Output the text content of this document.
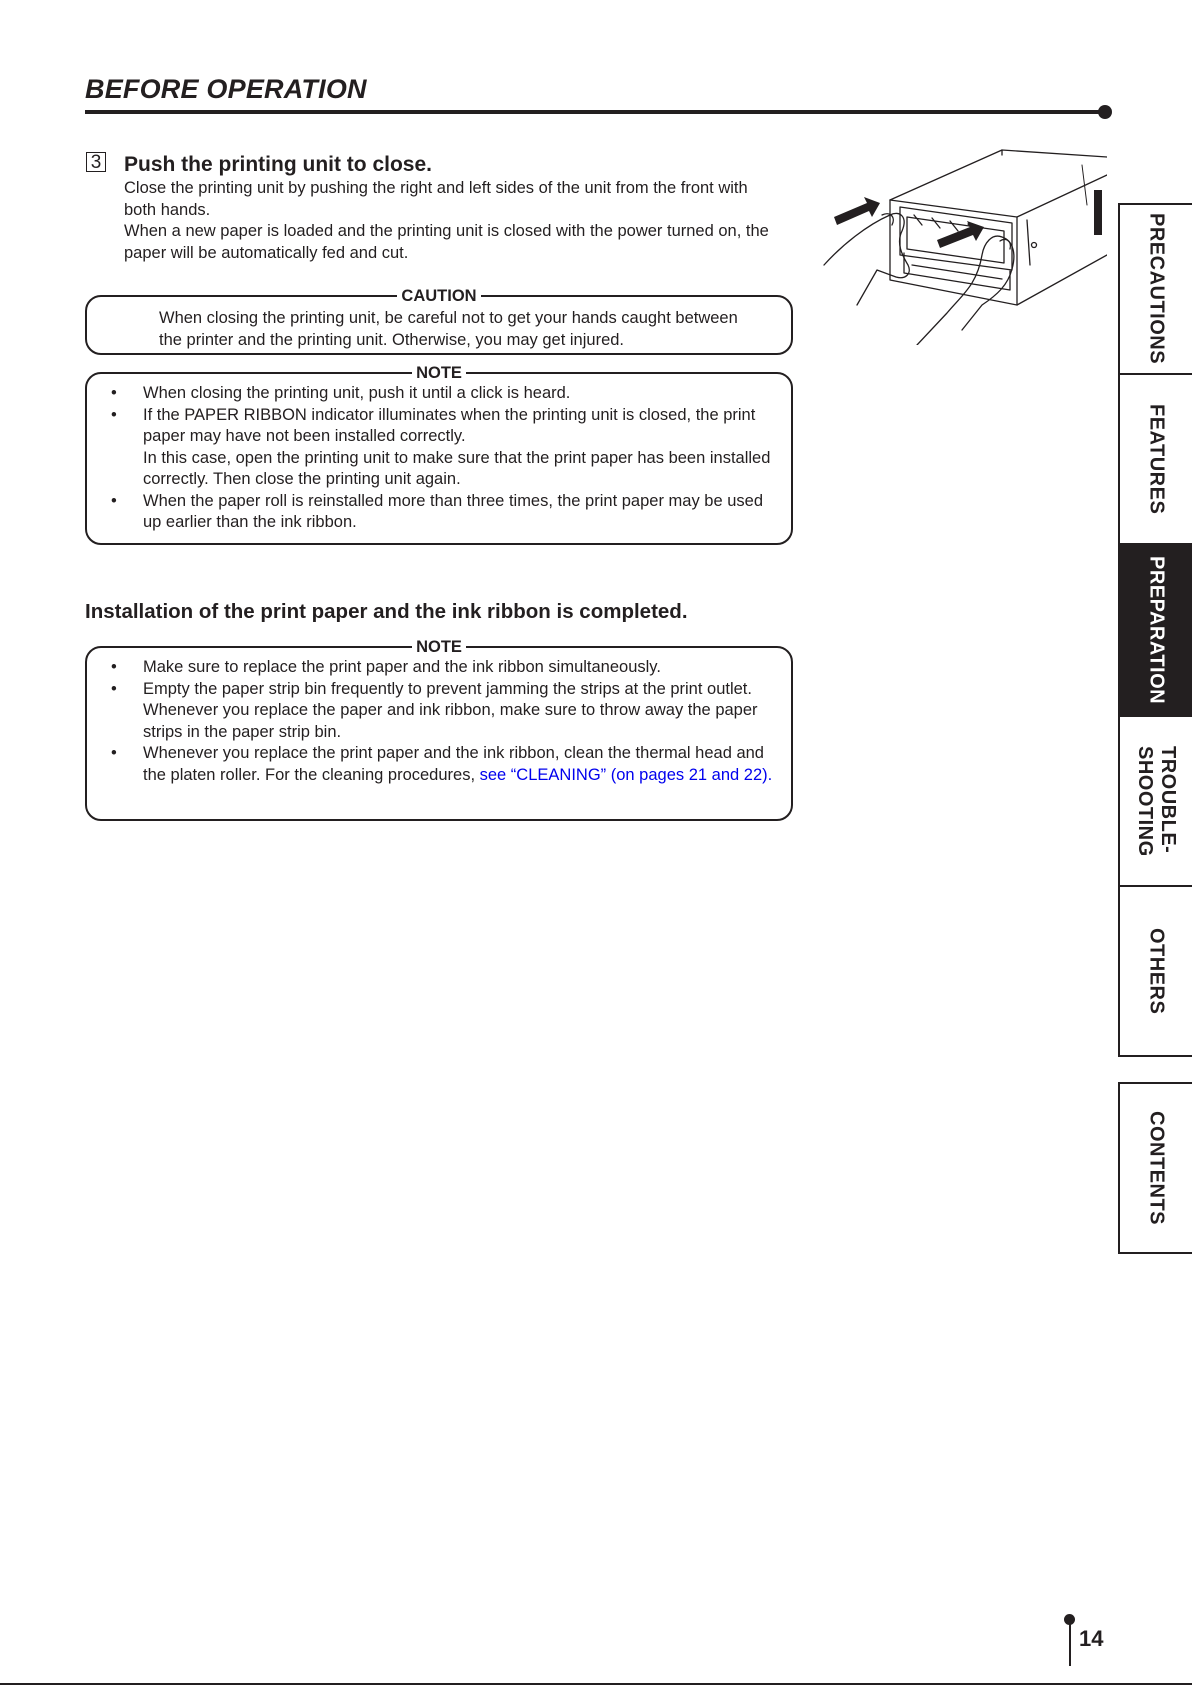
BEFORE OPERATION
3 Push the printing unit to close.
Close the printing unit by pushing the right and left sides of the unit from the front with both hands.
When a new paper is loaded and the printing unit is closed with the power turned on, the paper will be automatically fed and cut.
CAUTION
When closing the printing unit, be careful not to get your hands caught between the printer and the printing unit. Otherwise, you may get injured.
NOTE
• When closing the printing unit, push it until a click is heard.
• If the PAPER RIBBON indicator illuminates when the printing unit is closed, the print paper may have not been installed correctly.
In this case, open the printing unit to make sure that the print paper has been installed correctly. Then close the printing unit again.
• When the paper roll is reinstalled more than three times, the print paper may be used up earlier than the ink ribbon.
Installation of the print paper and the ink ribbon is completed.
NOTE
• Make sure to replace the print paper and the ink ribbon simultaneously.
• Empty the paper strip bin frequently to prevent jamming the strips at the print outlet. Whenever you replace the paper and ink ribbon, make sure to throw away the paper strips in the paper strip bin.
• Whenever you replace the print paper and the ink ribbon, clean the thermal head and the platen roller. For the cleaning procedures, see “CLEANING” (on pages 21 and 22).
PRECAUTIONS
FEATURES
PREPARATION
TROUBLE-
SHOOTING
OTHERS
CONTENTS
14
